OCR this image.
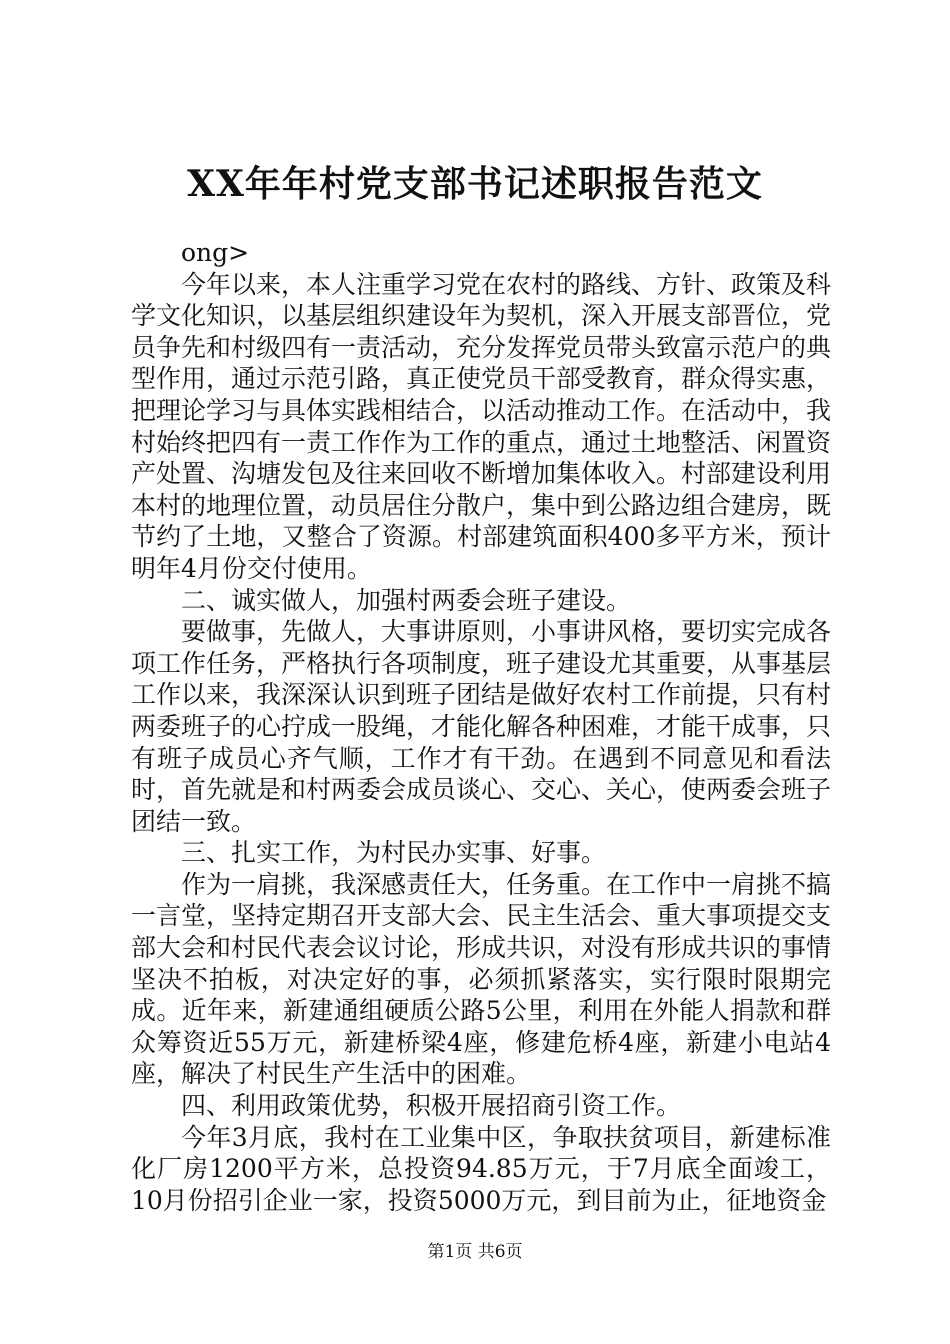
XX年年村党支部书记述职报告范文

ong>

今年以来，本人注重学习党在农村的路线、方针、政策及科学文化知识，以基层组织建设年为契机，深入开展支部晋位，党员争先和村级四有一责活动，充分发挥党员带头致富示范户的典型作用，通过示范引路，真正使党员干部受教育，群众得实惠，把理论学习与具体实践相结合，以活动推动工作。在活动中，我村始终把四有一责工作作为工作的重点，通过土地整活、闲置资产处置、沟塘发包及往来回收不断增加集体收入。村部建设利用本村的地理位置，动员居住分散户，集中到公路边组合建房，既节约了土地，又整合了资源。村部建筑面积400多平方米，预计明年4月份交付使用。

二、诚实做人，加强村两委会班子建设。

要做事，先做人，大事讲原则，小事讲风格，要切实完成各项工作任务，严格执行各项制度，班子建设尤其重要，从事基层工作以来，我深深认识到班子团结是做好农村工作前提，只有村两委班子的心拧成一股绳，才能化解各种困难，才能干成事，只有班子成员心齐气顺，工作才有干劲。在遇到不同意见和看法时，首先就是和村两委会成员谈心、交心、关心，使两委会班子团结一致。

三、扎实工作，为村民办实事、好事。

作为一肩挑，我深感责任大，任务重。在工作中一肩挑不搞一言堂，坚持定期召开支部大会、民主生活会、重大事项提交支部大会和村民代表会议讨论，形成共识，对没有形成共识的事情坚决不拍板，对决定好的事，必须抓紧落实，实行限时限期完成。近年来，新建通组硬质公路5公里，利用在外能人捐款和群众筹资近55万元，新建桥梁4座，修建危桥4座，新建小电站4座，解决了村民生产生活中的困难。

四、利用政策优势，积极开展招商引资工作。

今年3月底，我村在工业集中区，争取扶贫项目，新建标准化厂房1200平方米，总投资94.85万元，于7月底全面竣工，10月份招引企业一家，投资5000万元，到目前为止，征地资金

第1页 共6页
